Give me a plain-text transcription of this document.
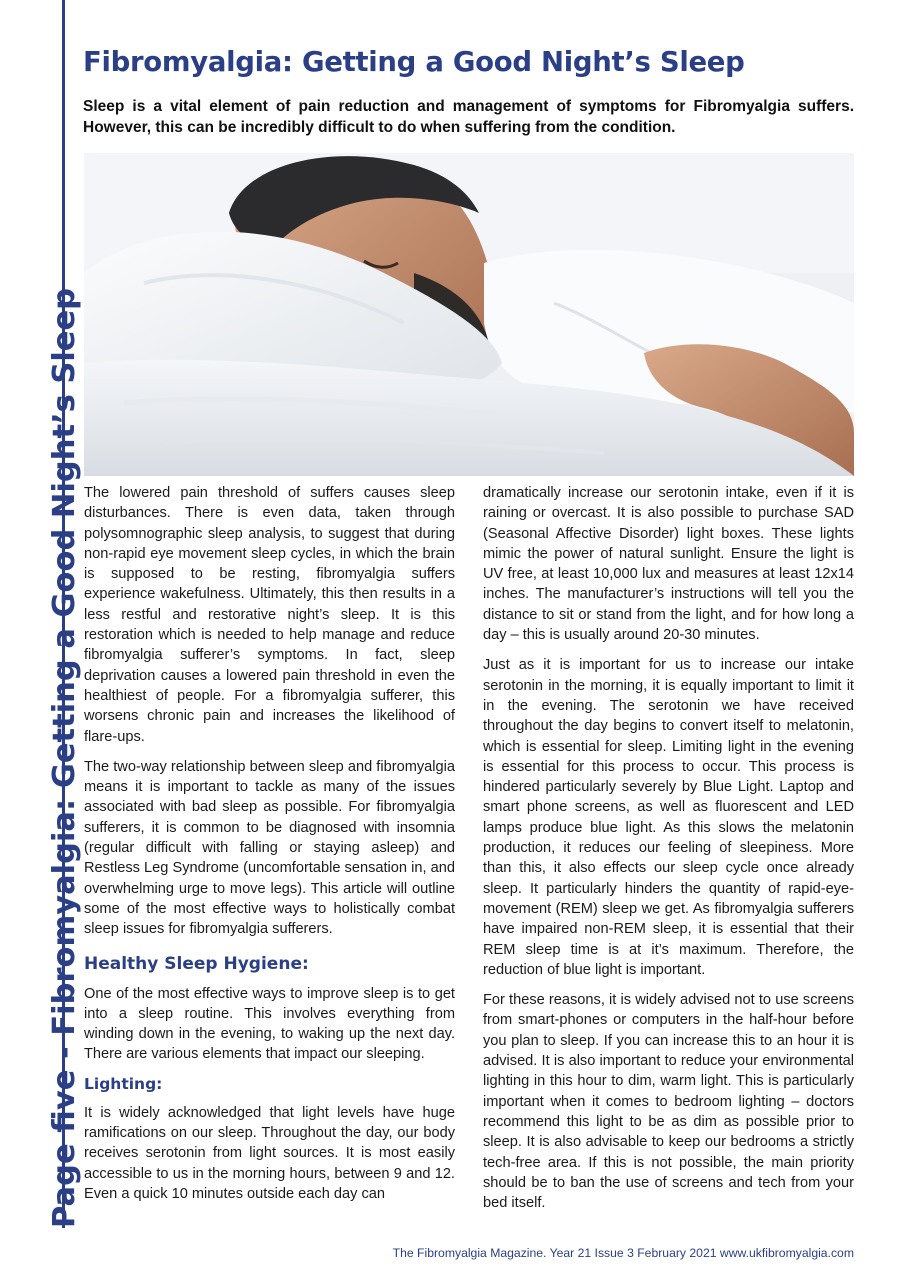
Page five - Fibromyalgia: Getting a Good Night’s Sleep
Fibromyalgia: Getting a Good Night’s Sleep

Sleep is a vital element of pain reduction and management of symptoms for Fibromyalgia suffers. However, this can be incredibly difficult to do when suffering from the condition.

The lowered pain threshold of suffers causes sleep disturbances. There is even data, taken through polysomnographic sleep analysis, to suggest that during non-rapid eye movement sleep cycles, in which the brain is supposed to be resting, fibromyalgia suffers experience wakefulness. Ultimately, this then results in a less restful and restorative night’s sleep. It is this restoration which is needed to help manage and reduce fibromyalgia sufferer’s symptoms. In fact, sleep deprivation causes a lowered pain threshold in even the healthiest of people. For a fibromyalgia sufferer, this worsens chronic pain and increases the likelihood of flare-ups.

The two-way relationship between sleep and fibromyalgia means it is important to tackle as many of the issues associated with bad sleep as possible. For fibromyalgia sufferers, it is common to be diagnosed with insomnia (regular difficult with falling or staying asleep) and Restless Leg Syndrome (uncomfortable sensation in, and overwhelming urge to move legs). This article will outline some of the most effective ways to holistically combat sleep issues for fibromyalgia sufferers.

Healthy Sleep Hygiene:

One of the most effective ways to improve sleep is to get into a sleep routine. This involves everything from winding down in the evening, to waking up the next day. There are various elements that impact our sleeping.

Lighting:

It is widely acknowledged that light levels have huge ramifications on our sleep. Throughout the day, our body receives serotonin from light sources. It is most easily accessible to us in the morning hours, between 9 and 12. Even a quick 10 minutes outside each day can

dramatically increase our serotonin intake, even if it is raining or overcast. It is also possible to purchase SAD (Seasonal Affective Disorder) light boxes. These lights mimic the power of natural sunlight. Ensure the light is UV free, at least 10,000 lux and measures at least 12x14 inches. The manufacturer’s instructions will tell you the distance to sit or stand from the light, and for how long a day – this is usually around 20-30 minutes.

Just as it is important for us to increase our intake serotonin in the morning, it is equally important to limit it in the evening. The serotonin we have received throughout the day begins to convert itself to melatonin, which is essential for sleep. Limiting light in the evening is essential for this process to occur. This process is hindered particularly severely by Blue Light. Laptop and smart phone screens, as well as fluorescent and LED lamps produce blue light. As this slows the melatonin production, it reduces our feeling of sleepiness. More than this, it also effects our sleep cycle once already sleep. It particularly hinders the quantity of rapid-eye-movement (REM) sleep we get. As fibromyalgia sufferers have impaired non-REM sleep, it is essential that their REM sleep time is at it’s maximum. Therefore, the reduction of blue light is important.

For these reasons, it is widely advised not to use screens from smart-phones or computers in the half-hour before you plan to sleep. If you can increase this to an hour it is advised. It is also important to reduce your environmental lighting in this hour to dim, warm light. This is particularly important when it comes to bedroom lighting – doctors recommend this light to be as dim as possible prior to sleep. It is also advisable to keep our bedrooms a strictly tech-free area. If this is not possible, the main priority should be to ban the use of screens and tech from your bed itself.

The Fibromyalgia Magazine. Year 21 Issue 3 February 2021 www.ukfibromyalgia.com
